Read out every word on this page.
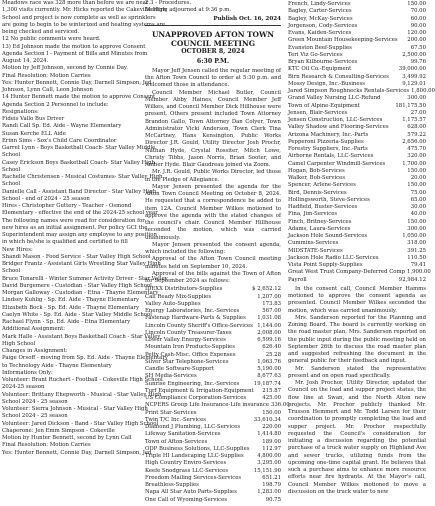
Meadows race was 328 more than before we are near

1,300 visits currently. Mr. Hicks reported the Cakeville High

School and project is now complete as well as sprinklers

are going to begin to be winterized and heating systems are

being checked and serviced.

12 No public comments were heard.

13) Ed Johnson made the motion to approve Consent

Agenda Section I - Payment of Bills and Minutes from

August 14, 2024.

Motion by Jeff Johnson, second by Connie Day.

Final Resolution: Motion Carries

Yes: Hunter Bennett, Connie Day, Darnell Simpson, Jed

Johnson, Lynn Call, Leon Johnson

14 Hunter Bennett made the motion to approve Consent

Agenda Section 2 Personnel to include:

Resignations:

Fideis Vallo Bus Driver

Randi Call Sp. Ed. Aide - Wayne Elementary

Susan Kerche ELL Aide

Erinn Sims - Sox's Child Care Coordinator

Garret Lynn - Boys Basketball Coach- Star Valley Middle

School

Casey Erickson Boys Basketball Coach- Star Valley High

School

Rachelle Christensen - Musical Costumes- Star Valley High

School

Danielle Call - Assistant Band Director - Star Valley High

School - end of 2024 - 25 season

Hires - Christopher Guttery - Teacher - Osmond

Elementary - effective the end of the 2024-25 school year

The following names were read for consideration for

new hires as an initial assignment. Per policy GCI the

Superintendent may assign any employee to any position

in which he/she is qualified and certified to fill

New Hires:

Shandi Mason - Food Service - Star Valley High School

Bridger Frantz - Assistant Girls Wrestling Star Valley High

School

Bruce Tonarelli - Winter Summer Activity Driver - Star Valley

David Burgemere - Custodian - Star Valley High School

Morgan Galloway - Custodian - Etna - Thayne Elementary

Lindsey Kuhlig - Sp. Ed. Aide - Thayne Elementary

Elizabeth Bock - Sp. Ed. Aide - Thayne Elementary

Caelyn White - Sp. Ed. Aide - Star Valley Middle School

Rachael Flynn - Sp. Ed. Aide - Etna Elementary

Additional Assignment:

Mark Halle - Assistant Boys Basketball Coach - Star Valley

High School

Changes in Assignment:

Paige Orsoff - moving from Sp. Ed. Aide - Thayne Elementary

to Technology Aide - Thayne Elementary

Informations Only:

Volunteer: Brant Ruchert - Football - Cokeville High School

2024-25 season

Volunteer: Brittany Ehepworth - Musical - Star Valley High

School 2024 - 25 season

Volunteer: Sierra Johnson - Musical - Star Valley High

School 2024 - 25 season

Volunteer: Jared Dickson - Band - Star Valley High School

Chaperone: Jen Emm Simpson - Cokeville

Motion by Hunter Bennett, second by Lynn Call

Final Resolution: Motion Carries

Yes: Hunter Bennett, Connie Day, Darnell Simpson, Jed

2.3 - Procedures.

Meeting adjourned at 9:36 p.m.

Publish Oct. 16, 2024

UNAPPROVED AFTON TOWN COUNCIL MEETING

OCTOBER 8, 2024

6:30 P.M.

Mayor Jeff Jensen called the regular meeting of the Afton Town Council to order at 5:30 p.m. and welcomed those in attendance.

Council Member Michael Butler, Council Member Abby Haines, Council Member Jeff Wilkes, and Council Member Dick Hillhouse were present. Others present included Town Attorney Brandon Gallo, Town Attorney Dan Colyer, Town Administrator Vicki Anderson, Town Clerk Tina McCartney, Hans Kensington, Public Works Director J.R. Gould, Utility Director Josh Prochr, Nathan Hyde, Crystal Rossiter, Mitch Lowe, Christy Tibbs, Jason Norris, Brian Sooter, and Amber Hyde. Blair Gaudreau joined via Zoom.

Mr. J.R. Gould, Public Works Director, led those in the Pledge of Allegiance.

Mayor Jensen presented the agenda for the Afton Town Council Meeting on October 8, 2024. He requested that a correspondence be added to item 12A. Council Member Wilkes motioned to approve the agenda with the stated changes of the council's chair. Council Member Hillhouse seconded the motion, which was carried unanimously.

Mayor Jensen presented the consent agenda, which included the following:

Approval of the Afton Town Council meeting minutes held on September 10, 2024.

Approval of the bills against the Town of Afton for September 2024 as follows:

IDEXX Distributors-Supplies	$ 2,652.12
Call Ready Mix-Supplies	1,207.00
Valley Auto-Supplies	173.83
Energy Laboratories, Inc.-Services	567.00
Fastenap Hardware-Parts & Supplies	1,031.08
Lincoln County Sheriff's Office-Services 1,144.00
Lincoln County Treasurer-Taxes	2,008.00
Lower Valley Energy-Services	6,599.16
Mountain Iron Products-Supplies	626.40
Petty Cash-Misc. Office Expenses	25.28
Silver Star Telephone-Services	1,063.76
Candle Software-Support	5,190.00
SH Media-Services	8,677.63
Sunrise Engineering, Inc.-Services	19,187.74
Turf Equipment & Irrigation-Equipment	215.87
US Compliance Corporation-Services	425.00
NCPERS Group Life Insurance-Life insurance 336.00
Print Star-Services	150.00
Twin T/C Inc.-Services	33,610.34
Diamond J Plumbing, LLC-Services	220.00
Lifeway Sanitation-Services	1,414.80
Town of Afton-Services	189.00
ODP Business Solutions, LLC-Supplies	112.97
Triple HI Landscaping LLC-Supplies	4,800.00
High Country Enviro-Services	3,295.00
Keefe Snodgrass LLC-Services	15,151.90
Freedom Mailing Services-Services	651.21
Breathless-Supplies	198.79
Napa All Star Auto Parts-Supplies	1,283.00
One Call of Wyoming-Services	90.75
French, Lindy-Services	150.00
Bagley, Carter-Services	70.00
Bagley, McKay-Services	60.00
Jorgenson, Cody-Services	90.00
Evans, Kaiden-Services	120.00
Green Mountain Housekeeping-Services	200.00
Evanston Beef-Supplies	67.50
Teri Viz Go-Services	2,500.00
Bryan Kilbourne-Services	99.76
KTC Oil Co.-Equipment	39,000.00
Birn Research & Consulting-Services	3,499.92
Mossy Design, Inc.-Business	9,129.01
Jared Simpson Roughnecks Rentals-Services 1,800.00
Grand Valley Nursing LLC-Refund	300.00
Town of Alpine-Equipment	181,175.50
Jensen, Blair-Services	27.00
Jensen Construction, LLC-Services	1,175.57
Valley Shadow and Flooring-Services	628.00
Arizona Machinery, Inc.-Parts	579.22
Pepperoni Pizzeria-Supplies	2,656.00
Forestry Suppliers, Inc.-Parts	475.70
Airborne Rentals, LLC-Services	320.00
Camel Carpenter Windmill-Services	1,700.00
Hogan, Bob-Services	150.00
Walker, Bob-Services	20.00
Spencer, Arlene-Services	150.00
Bird, Dennis-Services	75.00
Hollingsworth, Steve-Services	65.00
Hadfield, Buster-Services	30.00
Fina, Jim-Services	40.00
Finch, Britney-Services	150.00
Adams, Laura-Services	300.00
Jackson Hole Sound-Services	1,050.00
Cummins-Services	318.00
MIDSTATE-Services	391.25
Jackson Hole Radio LLC-Services	110.50
Vista Point Supply-Supplies	79.41
Great West Trust Company-Deferred Comp 1,900.00
Payroll	92,984.12

In the consent call, Council Member Hamms motioned to approve the consent agenda as presented. Council Member Wilkes seconded the motion, which was carried unanimously.

Mrs. Sanderson reported for the Planning and Zoning Board. The board is currently working on the road master plan. Mrs. Sanderson reported on the public input during the public meeting held on September 26th to discuss the road master plan and suggested refreshing the document in the general public for their feedback and input.

Mr. Sanderson stated the representative present and on open road specifically.

Mr. Josh Prochor, Utility Director, updated the Council on the load and supper project status, the flow line at Swan, and the North Alton new projects. Mr. Prochor publicly thanked Mr. Trusson Hemmert and Mr. Todd Larsen for their coordination to promptly completing the load and supper project. Mr. Prochor respectfully requested the Council's consideration for initiating a discussion regarding the potential purchase of a truck water supply on Highland Ave and sewer trucks, utilizing funds from the upcoming one-time capital grant. He believes that such a purchase aims to enhance more resource efforts near fire hydrants. At the Mayor's call, Council Member Wilkes motioned to move a discussion on the truck water to new
